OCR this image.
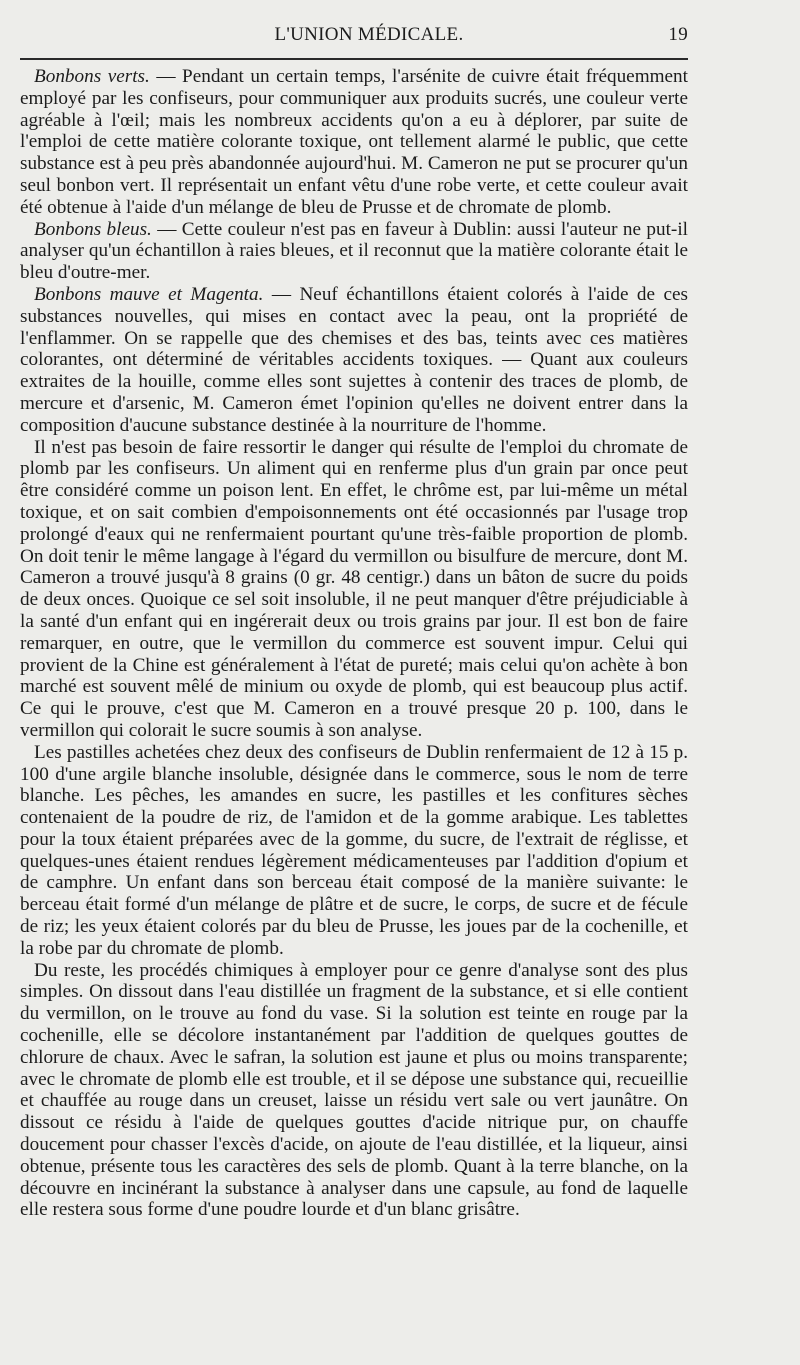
L'UNION MÉDICALE.	19

Bonbons verts. — Pendant un certain temps, l'arsénite de cuivre était fréquemment employé par les confiseurs, pour communiquer aux produits sucrés, une couleur verte agréable à l'œil; mais les nombreux accidents qu'on a eu à déplorer, par suite de l'emploi de cette matière colorante toxique, ont tellement alarmé le public, que cette substance est à peu près abandonnée aujourd'hui. M. Cameron ne put se procurer qu'un seul bonbon vert. Il représentait un enfant vêtu d'une robe verte, et cette couleur avait été obtenue à l'aide d'un mélange de bleu de Prusse et de chromate de plomb.

Bonbons bleus. — Cette couleur n'est pas en faveur à Dublin: aussi l'auteur ne put-il analyser qu'un échantillon à raies bleues, et il reconnut que la matière colorante était le bleu d'outre-mer.

Bonbons mauve et Magenta. — Neuf échantillons étaient colorés à l'aide de ces substances nouvelles, qui mises en contact avec la peau, ont la propriété de l'enflammer. On se rappelle que des chemises et des bas, teints avec ces matières colorantes, ont déterminé de véritables accidents toxiques. — Quant aux couleurs extraites de la houille, comme elles sont sujettes à contenir des traces de plomb, de mercure et d'arsenic, M. Cameron émet l'opinion qu'elles ne doivent entrer dans la composition d'aucune substance destinée à la nourriture de l'homme.

Il n'est pas besoin de faire ressortir le danger qui résulte de l'emploi du chromate de plomb par les confiseurs. Un aliment qui en renferme plus d'un grain par once peut être considéré comme un poison lent. En effet, le chrôme est, par lui-même un métal toxique, et on sait combien d'empoisonnements ont été occasionnés par l'usage trop prolongé d'eaux qui ne renfermaient pourtant qu'une très-faible proportion de plomb. On doit tenir le même langage à l'égard du vermillon ou bisulfure de mercure, dont M. Cameron a trouvé jusqu'à 8 grains (0 gr. 48 centigr.) dans un bâton de sucre du poids de deux onces. Quoique ce sel soit insoluble, il ne peut manquer d'être préjudiciable à la santé d'un enfant qui en ingérerait deux ou trois grains par jour. Il est bon de faire remarquer, en outre, que le vermillon du commerce est souvent impur. Celui qui provient de la Chine est généralement à l'état de pureté; mais celui qu'on achète à bon marché est souvent mêlé de minium ou oxyde de plomb, qui est beaucoup plus actif. Ce qui le prouve, c'est que M. Cameron en a trouvé presque 20 p. 100, dans le vermillon qui colorait le sucre soumis à son analyse.

Les pastilles achetées chez deux des confiseurs de Dublin renfermaient de 12 à 15 p. 100 d'une argile blanche insoluble, désignée dans le commerce, sous le nom de terre blanche. Les pêches, les amandes en sucre, les pastilles et les confitures sèches contenaient de la poudre de riz, de l'amidon et de la gomme arabique. Les tablettes pour la toux étaient préparées avec de la gomme, du sucre, de l'extrait de réglisse, et quelques-unes étaient rendues légèrement médicamenteuses par l'addition d'opium et de camphre. Un enfant dans son berceau était composé de la manière suivante: le berceau était formé d'un mélange de plâtre et de sucre, le corps, de sucre et de fécule de riz; les yeux étaient colorés par du bleu de Prusse, les joues par de la cochenille, et la robe par du chromate de plomb.

Du reste, les procédés chimiques à employer pour ce genre d'analyse sont des plus simples. On dissout dans l'eau distillée un fragment de la substance, et si elle contient du vermillon, on le trouve au fond du vase. Si la solution est teinte en rouge par la cochenille, elle se décolore instantanément par l'addition de quelques gouttes de chlorure de chaux. Avec le safran, la solution est jaune et plus ou moins transparente; avec le chromate de plomb elle est trouble, et il se dépose une substance qui, recueillie et chauffée au rouge dans un creuset, laisse un résidu vert sale ou vert jaunâtre. On dissout ce résidu à l'aide de quelques gouttes d'acide nitrique pur, on chauffe doucement pour chasser l'excès d'acide, on ajoute de l'eau distillée, et la liqueur, ainsi obtenue, présente tous les caractères des sels de plomb. Quant à la terre blanche, on la découvre en incinérant la substance à analyser dans une capsule, au fond de laquelle elle restera sous forme d'une poudre lourde et d'un blanc grisâtre.
